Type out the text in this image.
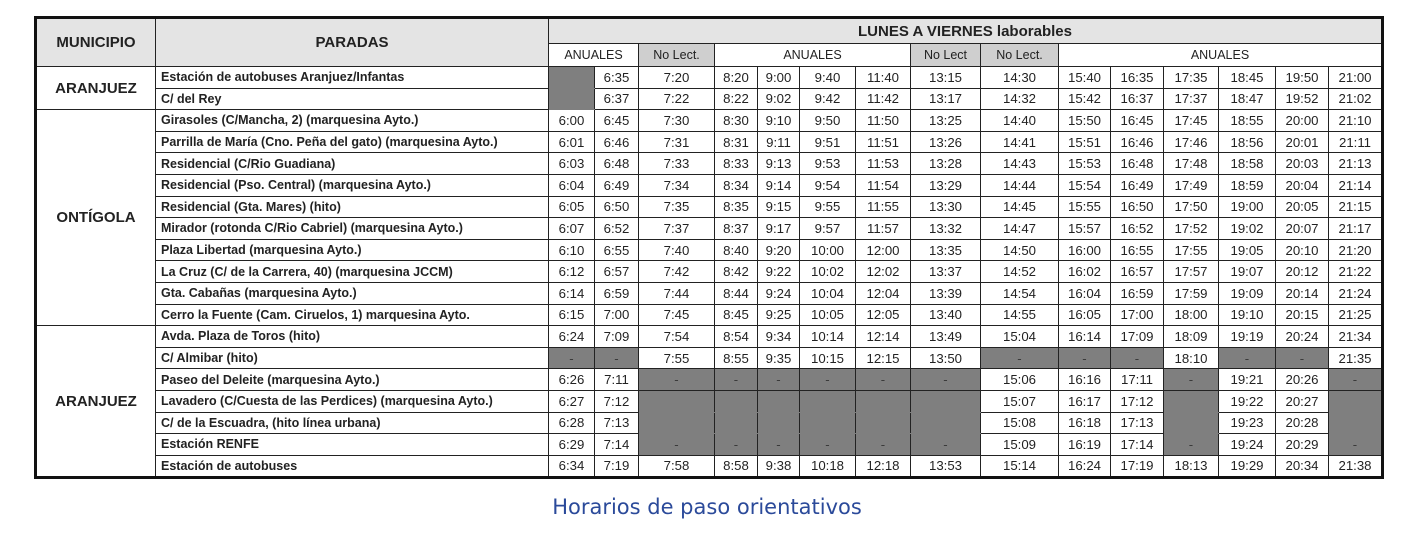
MUNICIPIO	PARADAS	LUNES A VIERNES laborables														
		ANUALES		No Lect.	ANUALES				No Lect	No Lect.	ANUALES					
ARANJUEZ	Estación de autobuses Aranjuez/Infantas		6:35	7:20	8:20	9:00	9:40	11:40	13:15	14:30	15:40	16:35	17:35	18:45	19:50	21:00
	C/ del Rey		6:37	7:22	8:22	9:02	9:42	11:42	13:17	14:32	15:42	16:37	17:37	18:47	19:52	21:02
ONTÍGOLA	Girasoles (C/Mancha, 2) (marquesina Ayto.)	6:00	6:45	7:30	8:30	9:10	9:50	11:50	13:25	14:40	15:50	16:45	17:45	18:55	20:00	21:10
	Parrilla de María (Cno. Peña del gato) (marquesina Ayto.)	6:01	6:46	7:31	8:31	9:11	9:51	11:51	13:26	14:41	15:51	16:46	17:46	18:56	20:01	21:11
	Residencial (C/Rio Guadiana)	6:03	6:48	7:33	8:33	9:13	9:53	11:53	13:28	14:43	15:53	16:48	17:48	18:58	20:03	21:13
	Residencial (Pso. Central) (marquesina Ayto.)	6:04	6:49	7:34	8:34	9:14	9:54	11:54	13:29	14:44	15:54	16:49	17:49	18:59	20:04	21:14
	Residencial (Gta. Mares) (hito)	6:05	6:50	7:35	8:35	9:15	9:55	11:55	13:30	14:45	15:55	16:50	17:50	19:00	20:05	21:15
	Mirador (rotonda C/Rio Cabriel) (marquesina Ayto.)	6:07	6:52	7:37	8:37	9:17	9:57	11:57	13:32	14:47	15:57	16:52	17:52	19:02	20:07	21:17
	Plaza Libertad (marquesina Ayto.)	6:10	6:55	7:40	8:40	9:20	10:00	12:00	13:35	14:50	16:00	16:55	17:55	19:05	20:10	21:20
	La Cruz (C/ de la Carrera, 40) (marquesina JCCM)	6:12	6:57	7:42	8:42	9:22	10:02	12:02	13:37	14:52	16:02	16:57	17:57	19:07	20:12	21:22
	Gta. Cabañas (marquesina Ayto.)	6:14	6:59	7:44	8:44	9:24	10:04	12:04	13:39	14:54	16:04	16:59	17:59	19:09	20:14	21:24
	Cerro la Fuente (Cam. Ciruelos, 1) marquesina Ayto.	6:15	7:00	7:45	8:45	9:25	10:05	12:05	13:40	14:55	16:05	17:00	18:00	19:10	20:15	21:25
ARANJUEZ	Avda. Plaza de Toros (hito)	6:24	7:09	7:54	8:54	9:34	10:14	12:14	13:49	15:04	16:14	17:09	18:09	19:19	20:24	21:34
	C/ Almibar (hito)	-	-	7:55	8:55	9:35	10:15	12:15	13:50	-	-	-	18:10	-	-	21:35
	Paseo del Deleite (marquesina Ayto.)	6:26	7:11	-	-	-	-	-	-	15:06	16:16	17:11	-	19:21	20:26	-
	Lavadero (C/Cuesta de las Perdices) (marquesina Ayto.)	6:27	7:12							15:07	16:17	17:12		19:22	20:27	
	C/ de la Escuadra, (hito línea urbana)	6:28	7:13							15:08	16:18	17:13		19:23	20:28	
	Estación RENFE	6:29	7:14	-	-	-	-	-	-	15:09	16:19	17:14	-	19:24	20:29	-
	Estación de autobuses	6:34	7:19	7:58	8:58	9:38	10:18	12:18	13:53	15:14	16:24	17:19	18:13	19:29	20:34	21:38
Horarios de paso orientativos
